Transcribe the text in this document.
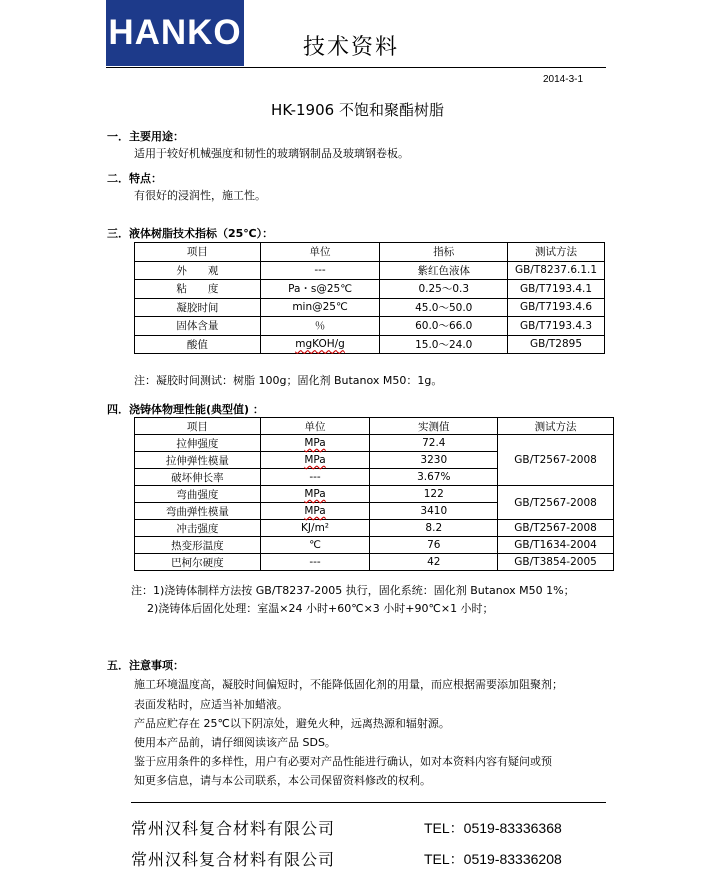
HANKO	技术资料
2014-3-1
HK-1906 不饱和聚酯树脂
一．主要用途：
适用于较好机械强度和韧性的玻璃钢制品及玻璃钢卷板。
二．特点：
有很好的浸润性，施工性。
三．液体树脂技术指标（25℃）：
项目	单位	指标	测试方法
外　　观	---	紫红色液体	GB/T8237.6.1.1
粘　　度	Pa・s@25℃	0.25～0.3	GB/T7193.4.1
凝胶时间	min@25℃	45.0～50.0	GB/T7193.4.6
固体含量	％	60.0～66.0	GB/T7193.4.3
酸值	mgKOH/g	15.0～24.0	GB/T2895
注：凝胶时间测试：树脂 100g；固化剂 Butanox M50：1g。
四．浇铸体物理性能(典型值) ：
项目	单位	实测值	测试方法
拉伸强度	MPa	72.4	GB/T2567-2008
拉伸弹性模量	MPa	3230	
破坏伸长率	---	3.67%	
弯曲强度	MPa	122	GB/T2567-2008
弯曲弹性模量	MPa	3410	
冲击强度	KJ/m²	8.2	GB/T2567-2008
热变形温度	℃	76	GB/T1634-2004
巴柯尔硬度	---	42	GB/T3854-2005
注：1)浇铸体制样方法按 GB/T8237-2005 执行，固化系统：固化剂 Butanox M50 1%；
2)浇铸体后固化处理：室温×24 小时+60℃×3 小时+90℃×1 小时；
五．注意事项：
施工环境温度高，凝胶时间偏短时，不能降低固化剂的用量，而应根据需要添加阻聚剂；
表面发粘时，应适当补加蜡液。
产品应贮存在 25℃以下阴凉处，避免火种，远离热源和辐射源。
使用本产品前，请仔细阅读该产品 SDS。
鉴于应用条件的多样性，用户有必要对产品性能进行确认，如对本资料内容有疑问或预
知更多信息，请与本公司联系，本公司保留资料修改的权利。
常州汉科复合材料有限公司	TEL：0519-83336368
常州汉科复合材料有限公司	TEL：0519-83336208
